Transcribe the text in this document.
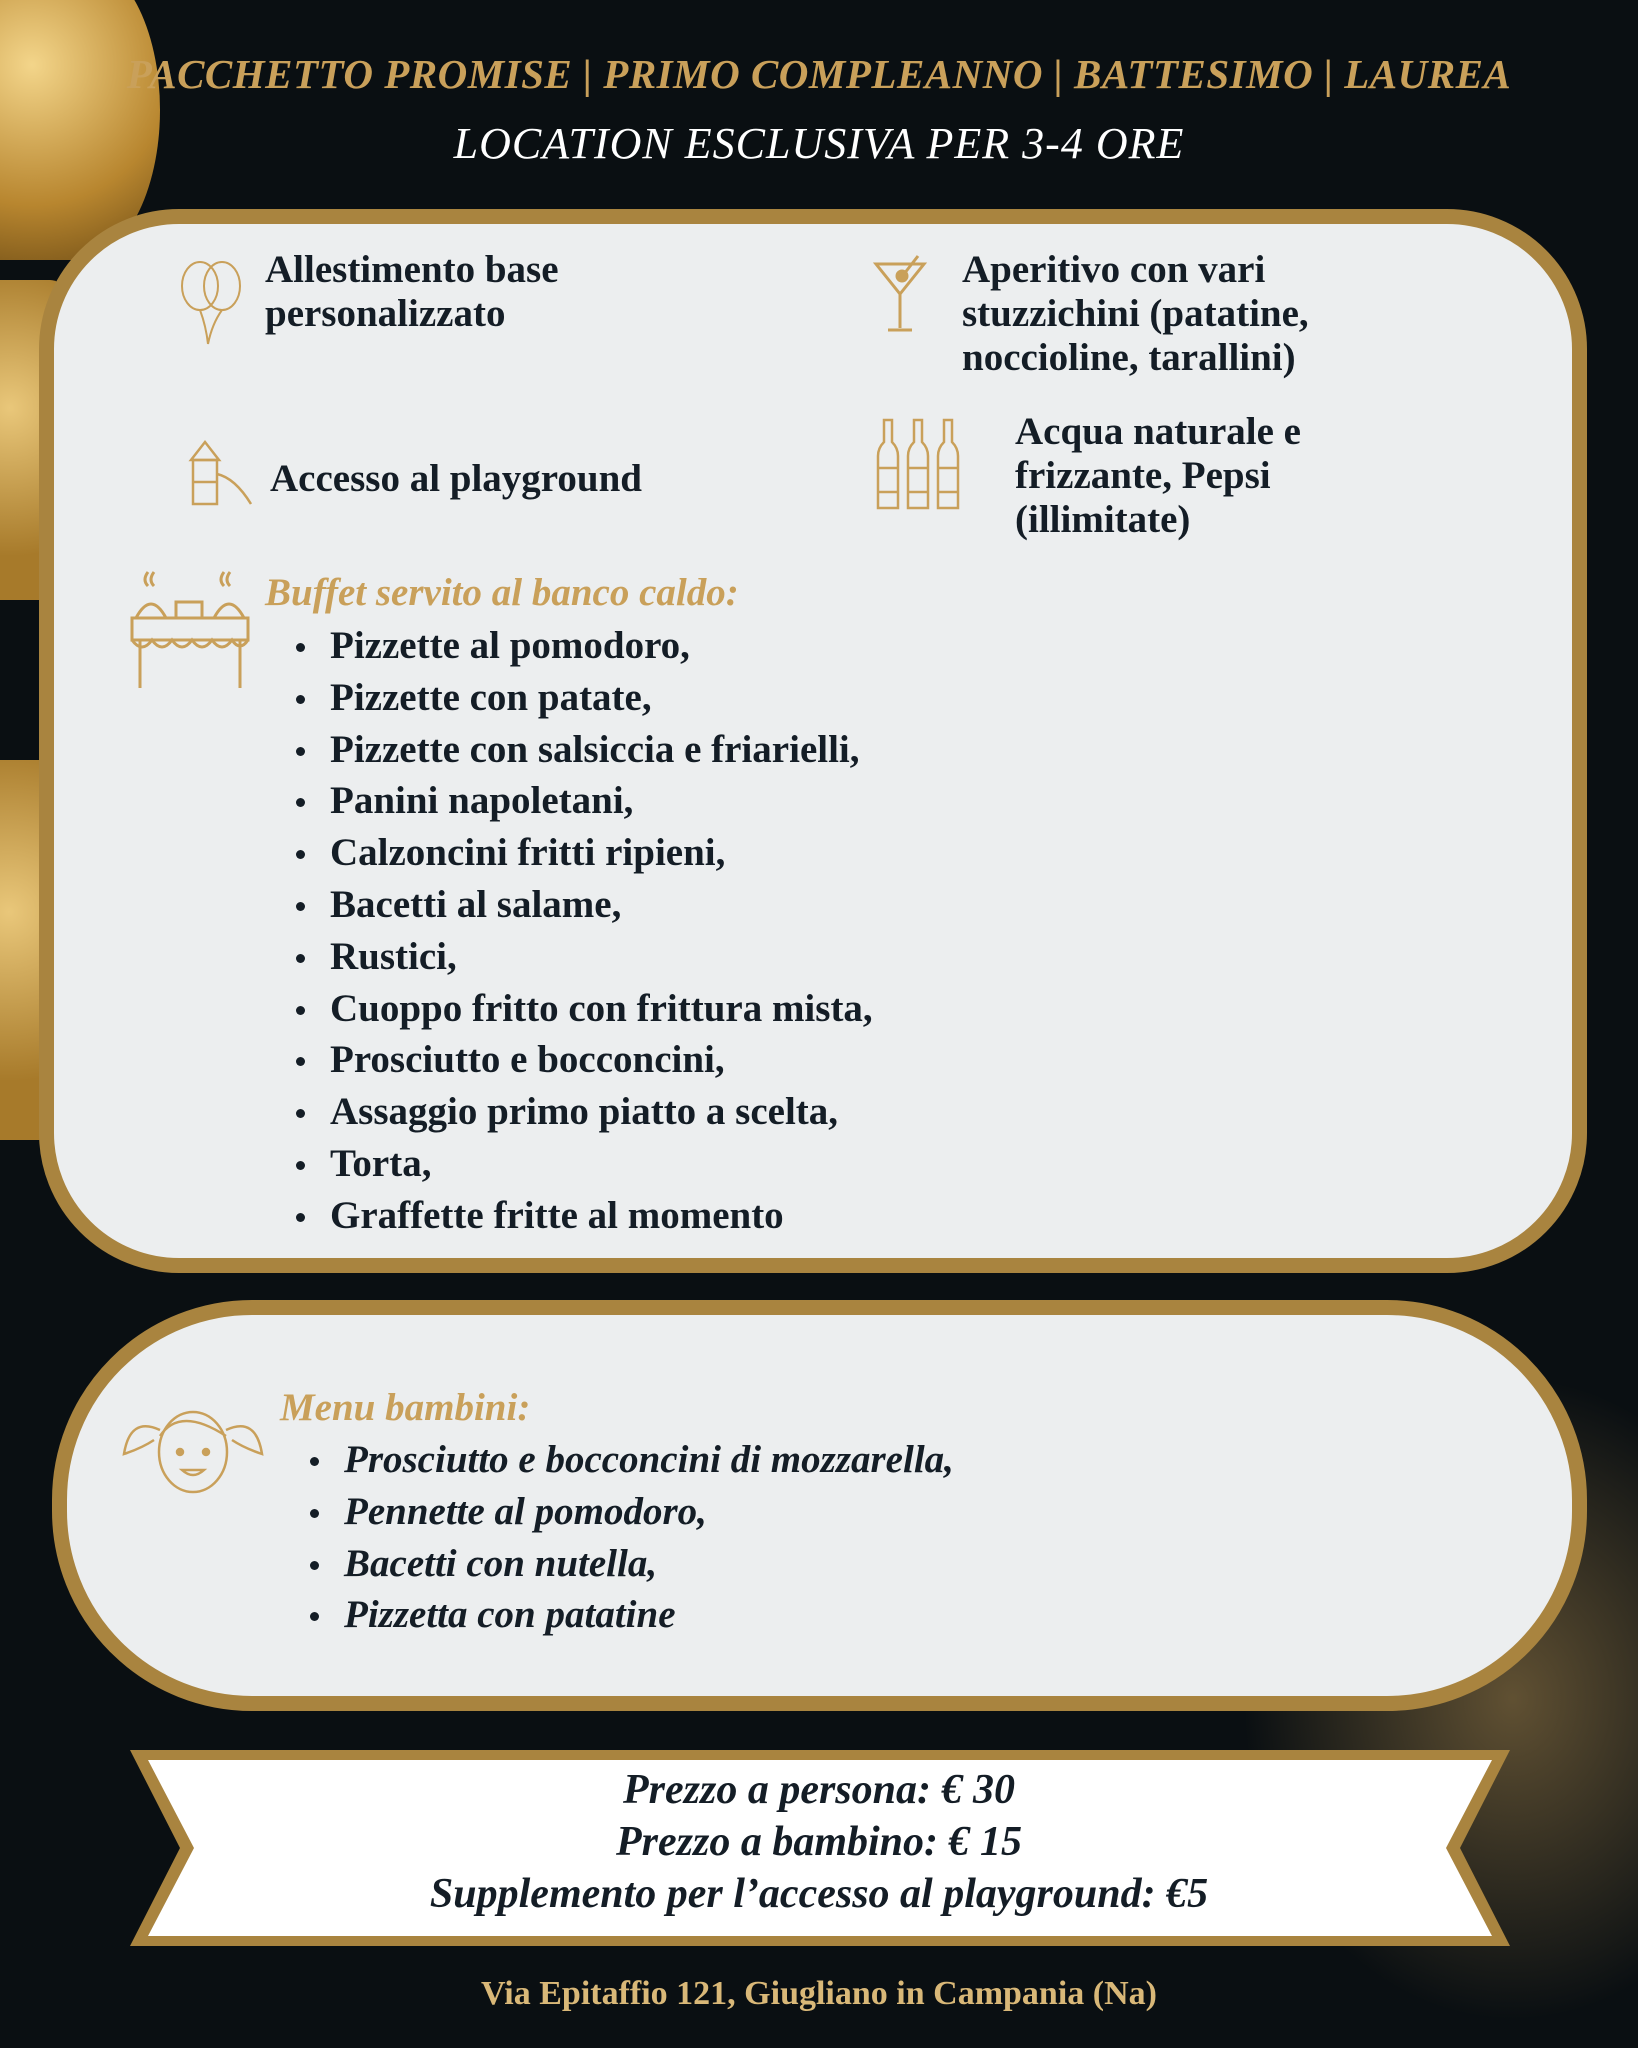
PACCHETTO PROMISE | PRIMO COMPLEANNO | BATTESIMO | LAUREA
LOCATION ESCLUSIVA PER 3-4 ORE
Allestimento base personalizzato
Aperitivo con vari stuzzichini (patatine, noccioline, tarallini)
Accesso al playground
Acqua naturale e frizzante, Pepsi (illimitate)
Buffet servito al banco caldo:
Pizzette al pomodoro,
Pizzette con patate,
Pizzette con salsiccia e friarielli,
Panini napoletani,
Calzoncini fritti ripieni,
Bacetti al salame,
Rustici,
Cuoppo fritto con frittura mista,
Prosciutto e bocconcini,
Assaggio primo piatto a scelta,
Torta,
Graffette fritte al momento
Menu bambini:
Prosciutto e bocconcini di mozzarella,
Pennette al pomodoro,
Bacetti con nutella,
Pizzetta con patatine
Prezzo a persona: € 30
Prezzo a bambino: € 15
Supplemento per l’accesso al playground: €5
Via Epitaffio 121, Giugliano in Campania (Na)
